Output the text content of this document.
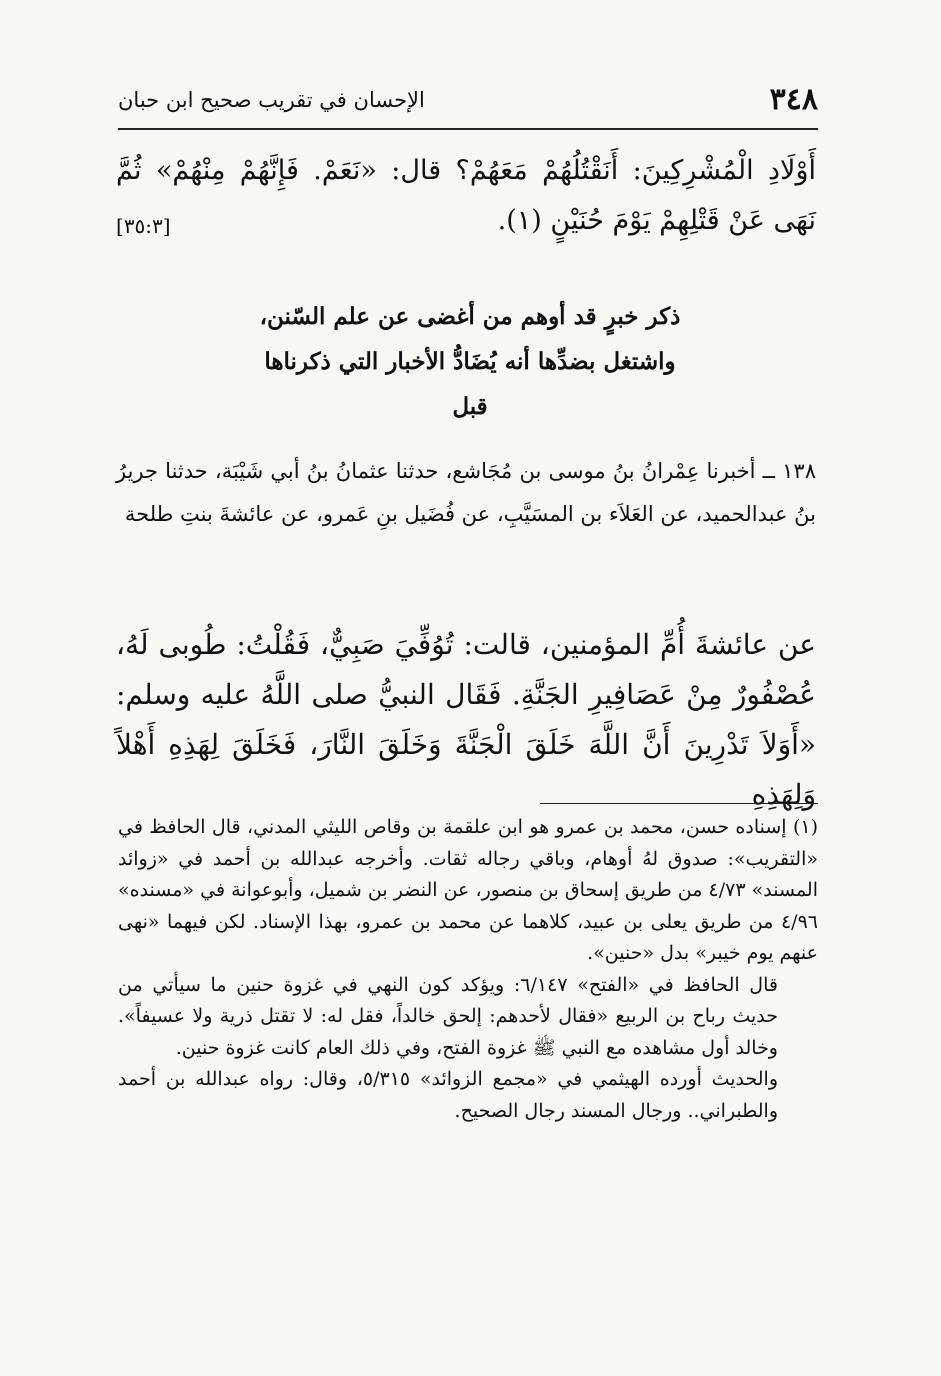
٣٤٨
الإحسان في تقريب صحيح ابن حبان
أَوْلَادِ الْمُشْرِكِينَ: أَنَقْتُلُهُمْ مَعَهُمْ؟ قال: «نَعَمْ. فَإِنَّهُمْ مِنْهُمْ» ثُمَّ نَهَى عَنْ قَتْلِهِمْ يَوْمَ حُنَيْنٍ (١).
[٣٥:٣]
ذكر خبرٍ قد أوهم من أغضى عن علم السّنن،
واشتغل بضدِّها أنه يُضَادُّ الأخبار التي ذكرناها
قبل
١٣٨ ــ أخبرنا عِمْرانُ بنُ موسى بن مُجَاشع، حدثنا عثمانُ بنُ أبي شَيْبَة، حدثنا جريرُ بنُ عبدالحميد، عن العَلاَء بن المسَيَّبِ، عن فُضَيل بنِ عَمرو، عن عائشةَ بنتِ طلحة
عن عائشةَ أُمِّ المؤمنين، قالت: تُوُفِّيَ صَبِيٌّ، فَقُلْتُ: طُوبى لَهُ، عُصْفُورٌ مِنْ عَصَافِيرِ الجَنَّةِ. فَقَال النبيُّ صلى اللَّهُ عليه وسلم: «أَوَلاَ تَدْرِينَ أَنَّ اللَّهَ خَلَقَ الْجَنَّةَ وَخَلَقَ النَّارَ، فَخَلَقَ لِهَذِهِ أَهْلاً وَلِهَذِهِ

(١) إسناده حسن، محمد بن عمرو هو ابن علقمة بن وقاص الليثي المدني، قال الحافظ في «التقريب»: صدوق لهُ أوهام، وباقي رجاله ثقات. وأخرجه عبدالله بن أحمد في «زوائد المسند» ٤/٧٣ من طريق إسحاق بن منصور، عن النضر بن شميل، وأبوعوانة في «مسنده» ٤/٩٦ من طريق يعلى بن عبيد، كلاهما عن محمد بن عمرو، بهذا الإسناد. لكن فيهما «نهى عنهم يوم خيبر» بدل «حنين».

قال الحافظ في «الفتح» ٦/١٤٧: ويؤكد كون النهي في غزوة حنين ما سيأتي من حديث رباح بن الربيع «فقال لأحدهم: إلحق خالداً، فقل له: لا تقتل ذرية ولا عسيفاً». وخالد أول مشاهده مع النبي ﷺ غزوة الفتح، وفي ذلك العام كانت غزوة حنين.

والحديث أورده الهيثمي في «مجمع الزوائد» ٥/٣١٥، وقال: رواه عبدالله بن أحمد والطبراني.. ورجال المسند رجال الصحيح.
